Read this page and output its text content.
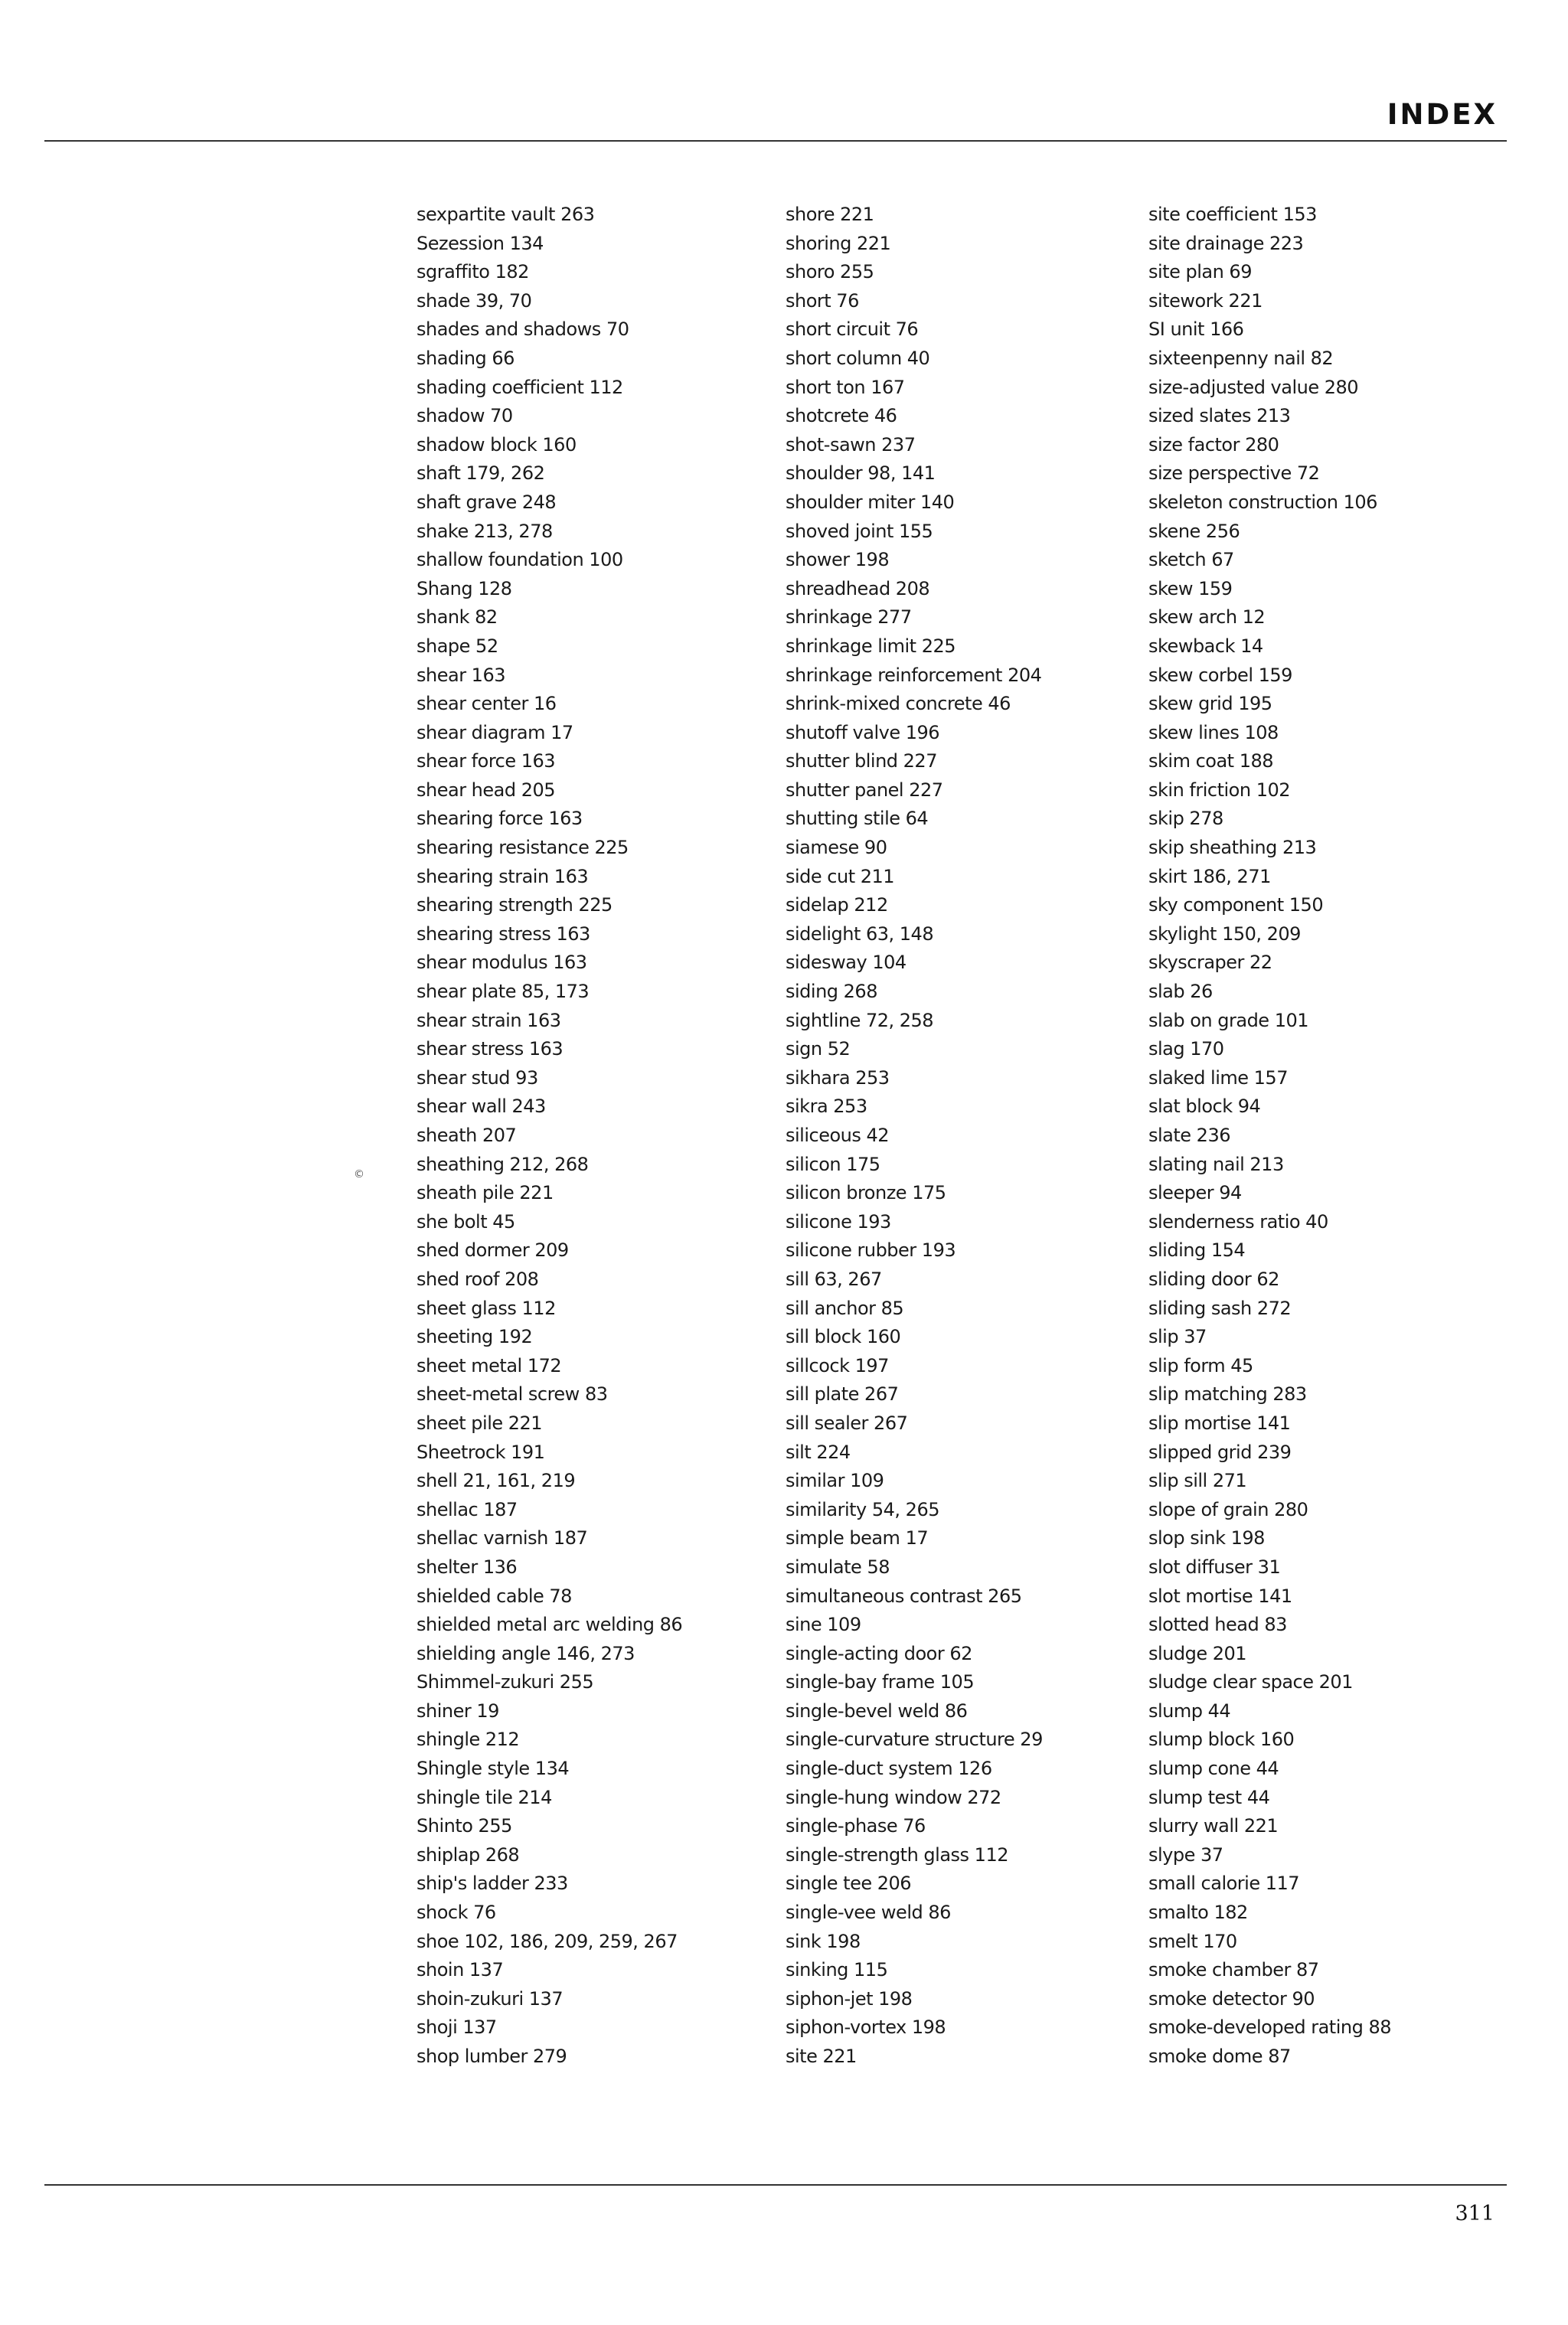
INDEX
sexpartite vault 263
Sezession 134
sgraffito 182
shade 39, 70
shades and shadows 70
shading 66
shading coefficient 112
shadow 70
shadow block 160
shaft 179, 262
shaft grave 248
shake 213, 278
shallow foundation 100
Shang 128
shank 82
shape 52
shear 163
shear center 16
shear diagram 17
shear force 163
shear head 205
shearing force 163
shearing resistance 225
shearing strain 163
shearing strength 225
shearing stress 163
shear modulus 163
shear plate 85, 173
shear strain 163
shear stress 163
shear stud 93
shear wall 243
sheath 207
sheathing 212, 268
sheath pile 221
she bolt 45
shed dormer 209
shed roof 208
sheet glass 112
sheeting 192
sheet metal 172
sheet-metal screw 83
sheet pile 221
Sheetrock 191
shell 21, 161, 219
shellac 187
shellac varnish 187
shelter 136
shielded cable 78
shielded metal arc welding 86
shielding angle 146, 273
Shimmel-zukuri 255
shiner 19
shingle 212
Shingle style 134
shingle tile 214
Shinto 255
shiplap 268
ship's ladder 233
shock 76
shoe 102, 186, 209, 259, 267
shoin 137
shoin-zukuri 137
shoji 137
shop lumber 279
shore 221
shoring 221
shoro 255
short 76
short circuit 76
short column 40
short ton 167
shotcrete 46
shot-sawn 237
shoulder 98, 141
shoulder miter 140
shoved joint 155
shower 198
shreadhead 208
shrinkage 277
shrinkage limit 225
shrinkage reinforcement 204
shrink-mixed concrete 46
shutoff valve 196
shutter blind 227
shutter panel 227
shutting stile 64
siamese 90
side cut 211
sidelap 212
sidelight 63, 148
sidesway 104
siding 268
sightline 72, 258
sign 52
sikhara 253
sikra 253
siliceous 42
silicon 175
silicon bronze 175
silicone 193
silicone rubber 193
sill 63, 267
sill anchor 85
sill block 160
sillcock 197
sill plate 267
sill sealer 267
silt 224
similar 109
similarity 54, 265
simple beam 17
simulate 58
simultaneous contrast 265
sine 109
single-acting door 62
single-bay frame 105
single-bevel weld 86
single-curvature structure 29
single-duct system 126
single-hung window 272
single-phase 76
single-strength glass 112
single tee 206
single-vee weld 86
sink 198
sinking 115
siphon-jet 198
siphon-vortex 198
site 221
site coefficient 153
site drainage 223
site plan 69
sitework 221
SI unit 166
sixteenpenny nail 82
size-adjusted value 280
sized slates 213
size factor 280
size perspective 72
skeleton construction 106
skene 256
sketch 67
skew 159
skew arch 12
skewback 14
skew corbel 159
skew grid 195
skew lines 108
skim coat 188
skin friction 102
skip 278
skip sheathing 213
skirt 186, 271
sky component 150
skylight 150, 209
skyscraper 22
slab 26
slab on grade 101
slag 170
slaked lime 157
slat block 94
slate 236
slating nail 213
sleeper 94
slenderness ratio 40
sliding 154
sliding door 62
sliding sash 272
slip 37
slip form 45
slip matching 283
slip mortise 141
slipped grid 239
slip sill 271
slope of grain 280
slop sink 198
slot diffuser 31
slot mortise 141
slotted head 83
sludge 201
sludge clear space 201
slump 44
slump block 160
slump cone 44
slump test 44
slurry wall 221
slype 37
small calorie 117
smalto 182
smelt 170
smoke chamber 87
smoke detector 90
smoke-developed rating 88
smoke dome 87
©
311
